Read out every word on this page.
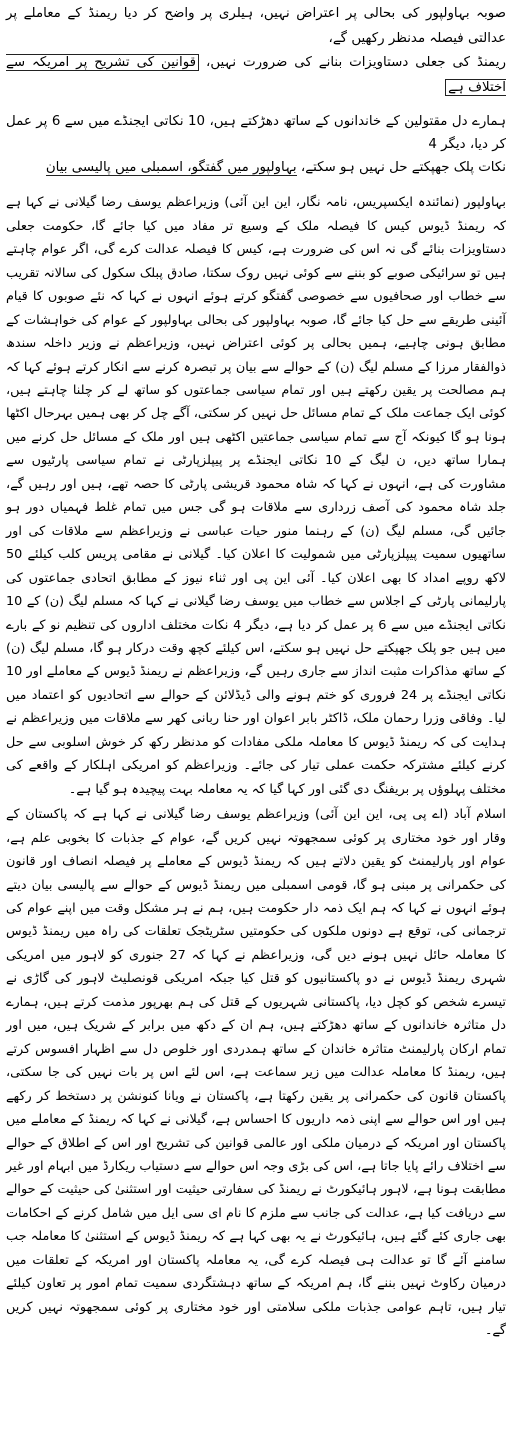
صوبہ بہاولپور کی بحالی پر اعتراض نہیں، ہیلری پر واضح کر دیا ریمنڈ کے معاملے پر عدالتی فیصلہ مدنظر رکھیں گے،

ریمنڈ کی جعلی دستاویزات بنانے کی ضرورت نہیں، قوانین کی تشریح پر امریکہ سے اختلاف ہے

ہمارے دل مقتولین کے خاندانوں کے ساتھ دھڑکتے ہیں، 10 نکاتی ایجنڈے میں سے 6 پر عمل کر دیا، دیگر 4
نکات پلک جھپکتے حل نہیں ہو سکتے، بہاولپور میں گفتگو، اسمبلی میں پالیسی بیان

بہاولپور (نمائندہ ایکسپریس، نامہ نگار، این این آئی) وزیراعظم یوسف رضا گیلانی نے کہا ہے کہ ریمنڈ ڈیوس کیس کا فیصلہ ملک کے وسیع تر مفاد میں کیا جائے گا، حکومت جعلی دستاویزات بنائے گی نہ اس کی ضرورت ہے، کیس کا فیصلہ عدالت کرے گی، اگر عوام چاہتے ہیں تو سرائیکی صوبے کو بننے سے کوئی نہیں روک سکتا، صادق پبلک سکول کی سالانہ تقریب سے خطاب اور صحافیوں سے خصوصی گفتگو کرتے ہوئے انہوں نے کہا کہ نئے صوبوں کا قیام آئینی طریقے سے حل کیا جائے گا، صوبہ بہاولپور کی بحالی بہاولپور کے عوام کی خواہشات کے مطابق ہونی چاہیے، ہمیں بحالی پر کوئی اعتراض نہیں، وزیراعظم نے وزیر داخلہ سندھ ذوالفقار مرزا کے مسلم لیگ (ن) کے حوالے سے بیان پر تبصرہ کرنے سے انکار کرتے ہوئے کہا کہ ہم مصالحت پر یقین رکھتے ہیں اور تمام سیاسی جماعتوں کو ساتھ لے کر چلنا چاہتے ہیں، کوئی ایک جماعت ملک کے تمام مسائل حل نہیں کر سکتی، آگے چل کر بھی ہمیں بہرحال اکٹھا ہونا ہو گا کیونکہ آج سے تمام سیاسی جماعتیں اکٹھی ہیں اور ملک کے مسائل حل کرنے میں ہمارا ساتھ دیں، ن لیگ کے 10 نکاتی ایجنڈے پر پیپلزپارٹی نے تمام سیاسی پارٹیوں سے مشاورت کی ہے، انہوں نے کہا کہ شاہ محمود قریشی پارٹی کا حصہ تھے، ہیں اور رہیں گے، جلد شاہ محمود کی آصف زرداری سے ملاقات ہو گی جس میں تمام غلط فہمیاں دور ہو جائیں گی، مسلم لیگ (ن) کے رہنما منور حیات عباسی نے وزیراعظم سے ملاقات کی اور ساتھیوں سمیت پیپلزپارٹی میں شمولیت کا اعلان کیا۔ گیلانی نے مقامی پریس کلب کیلئے 50 لاکھ روپے امداد کا بھی اعلان کیا۔ آئی این پی اور ثناء نیوز کے مطابق اتحادی جماعتوں کی پارلیمانی پارٹی کے اجلاس سے خطاب میں یوسف رضا گیلانی نے کہا کہ مسلم لیگ (ن) کے 10 نکاتی ایجنڈے میں سے 6 پر عمل کر دیا ہے، دیگر 4 نکات مختلف اداروں کی تنظیم نو کے بارے میں ہیں جو پلک جھپکتے حل نہیں ہو سکتے، اس کیلئے کچھ وقت درکار ہو گا، مسلم لیگ (ن) کے ساتھ مذاکرات مثبت انداز سے جاری رہیں گے، وزیراعظم نے ریمنڈ ڈیوس کے معاملے اور 10 نکاتی ایجنڈے پر 24 فروری کو ختم ہونے والی ڈیڈلائن کے حوالے سے اتحادیوں کو اعتماد میں لیا۔ وفاقی وزرا رحمان ملک، ڈاکٹر بابر اعوان اور حنا ربانی کھر سے ملاقات میں وزیراعظم نے ہدایت کی کہ ریمنڈ ڈیوس کا معاملہ ملکی مفادات کو مدنظر رکھ کر خوش اسلوبی سے حل کرنے کیلئے مشترکہ حکمت عملی تیار کی جائے۔ وزیراعظم کو امریکی اہلکار کے واقعے کی مختلف پہلوؤں پر بریفنگ دی گئی اور کہا گیا کہ یہ معاملہ بہت پیچیدہ ہو گیا ہے۔

اسلام آباد (اے پی پی، این این آئی) وزیراعظم یوسف رضا گیلانی نے کہا ہے کہ پاکستان کے وقار اور خود مختاری پر کوئی سمجھوتہ نہیں کریں گے، عوام کے جذبات کا بخوبی علم ہے، عوام اور پارلیمنٹ کو یقین دلاتے ہیں کہ ریمنڈ ڈیوس کے معاملے پر فیصلہ انصاف اور قانون کی حکمرانی پر مبنی ہو گا، قومی اسمبلی میں ریمنڈ ڈیوس کے حوالے سے پالیسی بیان دیتے ہوئے انہوں نے کہا کہ ہم ایک ذمہ دار حکومت ہیں، ہم نے ہر مشکل وقت میں اپنے عوام کی ترجمانی کی، توقع ہے دونوں ملکوں کی حکومتیں سٹریٹجک تعلقات کی راہ میں ریمنڈ ڈیوس کا معاملہ حائل نہیں ہونے دیں گی، وزیراعظم نے کہا کہ 27 جنوری کو لاہور میں امریکی شہری ریمنڈ ڈیوس نے دو پاکستانیوں کو قتل کیا جبکہ امریکی قونصلیٹ لاہور کی گاڑی نے تیسرے شخص کو کچل دیا، پاکستانی شہریوں کے قتل کی ہم بھرپور مذمت کرتے ہیں، ہمارے دل متاثرہ خاندانوں کے ساتھ دھڑکتے ہیں، ہم ان کے دکھ میں برابر کے شریک ہیں، میں اور تمام ارکان پارلیمنٹ متاثرہ خاندان کے ساتھ ہمدردی اور خلوص دل سے اظہار افسوس کرتے ہیں، ریمنڈ کا معاملہ عدالت میں زیر سماعت ہے، اس لئے اس پر بات نہیں کی جا سکتی، پاکستان قانون کی حکمرانی پر یقین رکھتا ہے، پاکستان نے ویانا کنونشن پر دستخط کر رکھے ہیں اور اس حوالے سے اپنی ذمہ داریوں کا احساس ہے، گیلانی نے کہا کہ ریمنڈ کے معاملے میں پاکستان اور امریکہ کے درمیان ملکی اور عالمی قوانین کی تشریح اور اس کے اطلاق کے حوالے سے اختلاف رائے پایا جاتا ہے، اس کی بڑی وجہ اس حوالے سے دستیاب ریکارڈ میں ابہام اور غیر مطابقت ہونا ہے، لاہور ہائیکورٹ نے ریمنڈ کی سفارتی حیثیت اور استثنیٰ کی حیثیت کے حوالے سے دریافت کیا ہے، عدالت کی جانب سے ملزم کا نام ای سی ایل میں شامل کرنے کے احکامات بھی جاری کئے گئے ہیں، ہائیکورٹ نے یہ بھی کہا ہے کہ ریمنڈ ڈیوس کے استثنیٰ کا معاملہ جب سامنے آئے گا تو عدالت ہی فیصلہ کرے گی، یہ معاملہ پاکستان اور امریکہ کے تعلقات میں درمیان رکاوٹ نہیں بننے گا، ہم امریکہ کے ساتھ دہشتگردی سمیت تمام امور پر تعاون کیلئے تیار ہیں، تاہم عوامی جذبات ملکی سلامتی اور خود مختاری پر کوئی سمجھوتہ نہیں کریں گے۔
